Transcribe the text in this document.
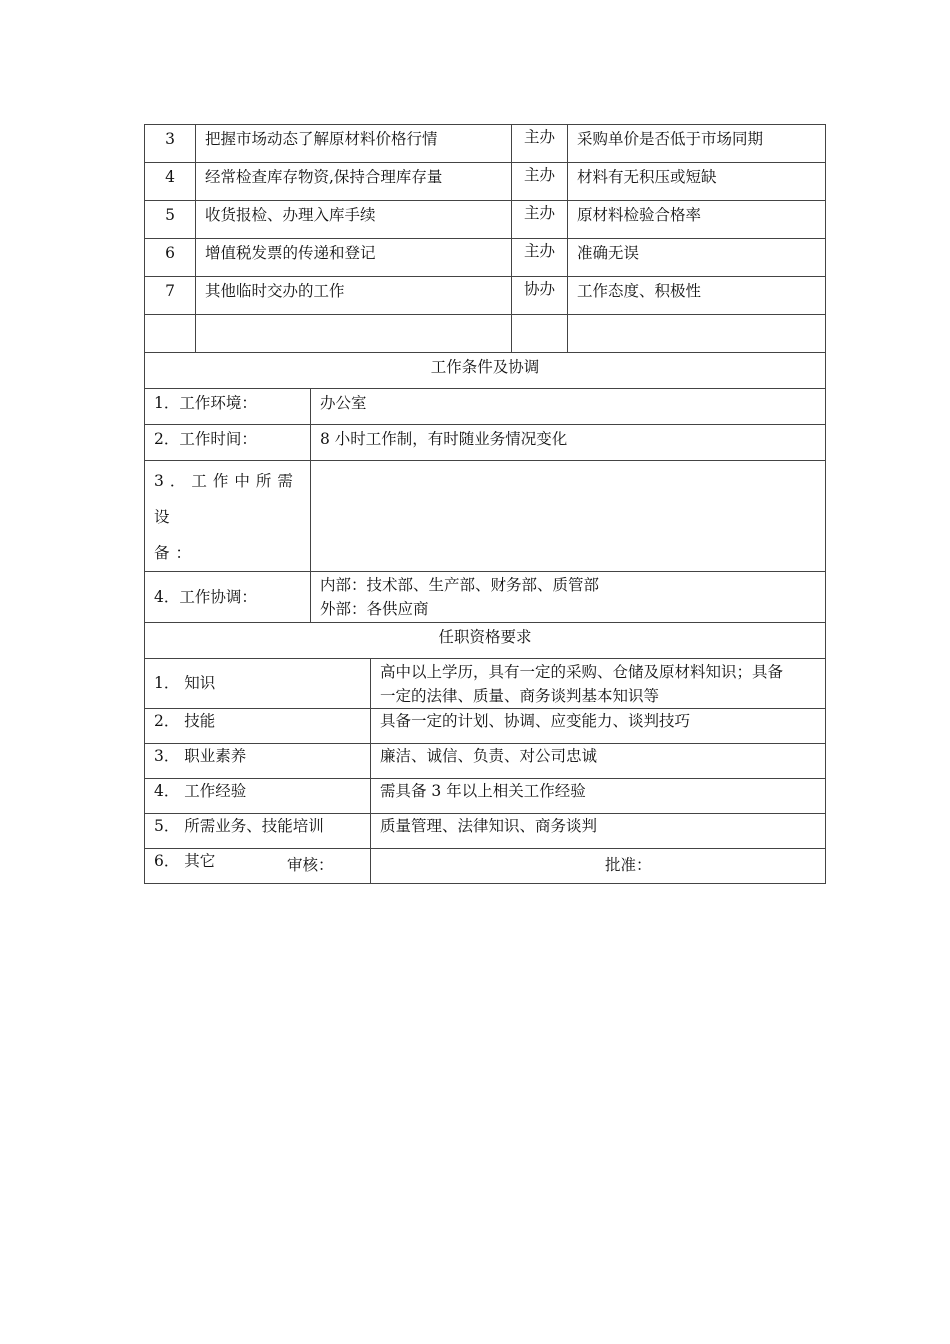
3	把握市场动态了解原材料价格行情			主办	采购单价是否低于市场同期
4	经常检查库存物资,保持合理库存量			主办	材料有无积压或短缺
5	收货报检、办理入库手续			主办	原材料检验合格率
6	增值税发票的传递和登记			主办	准确无误
7	其他临时交办的工作			协办	工作态度、积极性

工作条件及协调					
1．工作环境：		办公室			
2．工作时间：		8 小时工作制，有时随业务情况变化			
3．工作中所需设
备：					
4．工作协调：		内部：技术部、生产部、财务部、质管部
外部：各供应商			
任职资格要求					
1． 知识			高中以上学历，具有一定的采购、仓储及原材料知识；具备
一定的法律、质量、商务谈判基本知识等		
2． 技能			具备一定的计划、协调、应变能力、谈判技巧		
3． 职业素养			廉洁、诚信、负责、对公司忠诚		
4． 工作经验			需具备 3 年以上相关工作经验		
5． 所需业务、技能培训			质量管理、法律知识、商务谈判		
6． 其它						审核：	批准：
